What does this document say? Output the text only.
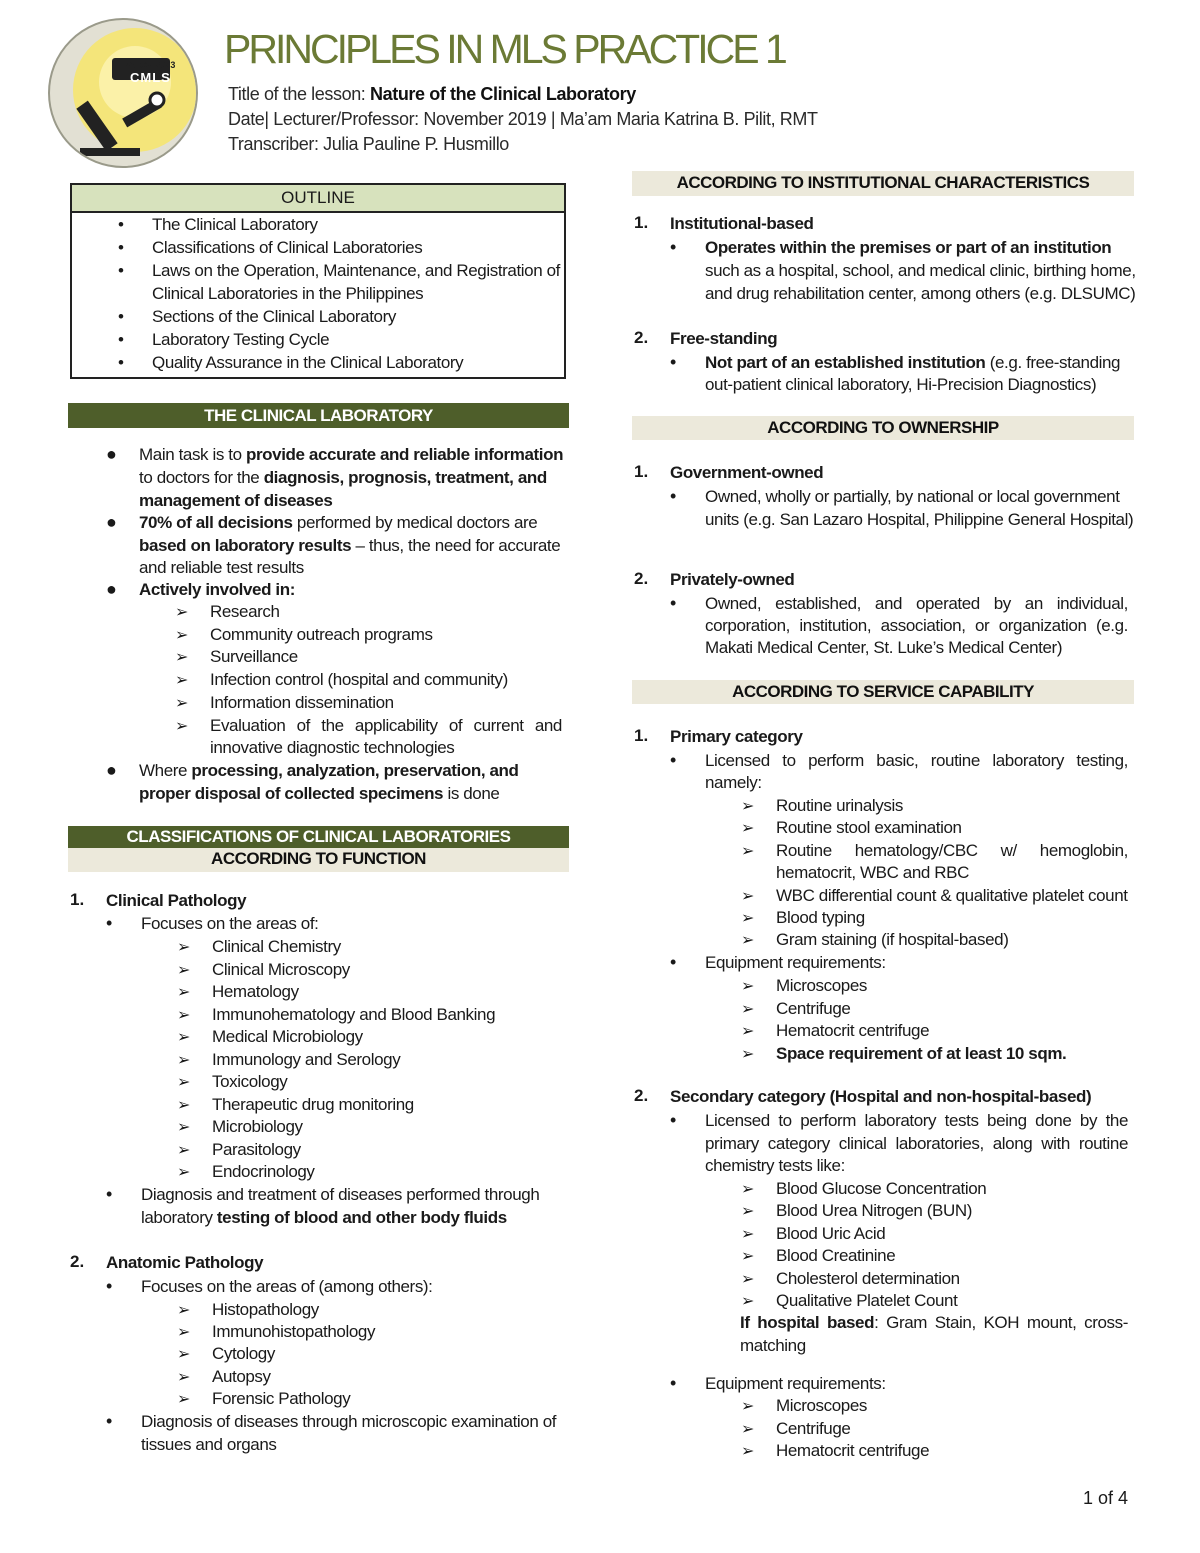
BATCH 2023
CMLS
PRINCIPLES IN MLS PRACTICE 1
Title of the lesson: Nature of the Clinical Laboratory
Date| Lecturer/Professor: November 2019 | Ma’am Maria Katrina B. Pilit, RMT
Transcriber: Julia Pauline P. Husmillo
OUTLINE
• The Clinical Laboratory
• Classifications of Clinical Laboratories
• Laws on the Operation, Maintenance, and Registration of
Clinical Laboratories in the Philippines
• Sections of the Clinical Laboratory
• Laboratory Testing Cycle
• Quality Assurance in the Clinical Laboratory
THE CLINICAL LABORATORY
● Main task is to provide accurate and reliable information
to doctors for the diagnosis, prognosis, treatment, and
management of diseases
● 70% of all decisions performed by medical doctors are
based on laboratory results – thus, the need for accurate
and reliable test results
● Actively involved in:
➢ Research
➢ Community outreach programs
➢ Surveillance
➢ Infection control (hospital and community)
➢ Information dissemination
➢ Evaluation of the applicability of current and
innovative diagnostic technologies
● Where processing, analyzation, preservation, and
proper disposal of collected specimens is done
CLASSIFICATIONS OF CLINICAL LABORATORIES
ACCORDING TO FUNCTION
1. Clinical Pathology
• Focuses on the areas of:
➢ Clinical Chemistry
➢ Clinical Microscopy
➢ Hematology
➢ Immunohematology and Blood Banking
➢ Medical Microbiology
➢ Immunology and Serology
➢ Toxicology
➢ Therapeutic drug monitoring
➢ Microbiology
➢ Parasitology
➢ Endocrinology
• Diagnosis and treatment of diseases performed through
laboratory testing of blood and other body fluids
2. Anatomic Pathology
• Focuses on the areas of (among others):
➢ Histopathology
➢ Immunohistopathology
➢ Cytology
➢ Autopsy
➢ Forensic Pathology
• Diagnosis of diseases through microscopic examination of
tissues and organs
ACCORDING TO INSTITUTIONAL CHARACTERISTICS
1. Institutional-based
• Operates within the premises or part of an institution
such as a hospital, school, and medical clinic, birthing home,
and drug rehabilitation center, among others (e.g. DLSUMC)
2. Free-standing
• Not part of an established institution (e.g. free-standing
out-patient clinical laboratory, Hi-Precision Diagnostics)
ACCORDING TO OWNERSHIP
1. Government-owned
• Owned, wholly or partially, by national or local government
units (e.g. San Lazaro Hospital, Philippine General Hospital)
2. Privately-owned
• Owned, established, and operated by an individual,
corporation, institution, association, or organization (e.g.
Makati Medical Center, St. Luke’s Medical Center)
ACCORDING TO SERVICE CAPABILITY
1. Primary category
• Licensed to perform basic, routine laboratory testing,
namely:
➢ Routine urinalysis
➢ Routine stool examination
➢ Routine hematology/CBC w/ hemoglobin,
hematocrit, WBC and RBC
➢ WBC differential count & qualitative platelet count
➢ Blood typing
➢ Gram staining (if hospital-based)
• Equipment requirements:
➢ Microscopes
➢ Centrifuge
➢ Hematocrit centrifuge
➢ Space requirement of at least 10 sqm.
2. Secondary category (Hospital and non-hospital-based)
• Licensed to perform laboratory tests being done by the
primary category clinical laboratories, along with routine
chemistry tests like:
➢ Blood Glucose Concentration
➢ Blood Urea Nitrogen (BUN)
➢ Blood Uric Acid
➢ Blood Creatinine
➢ Cholesterol determination
➢ Qualitative Platelet Count
If hospital based: Gram Stain, KOH mount, cross-
matching
• Equipment requirements:
➢ Microscopes
➢ Centrifuge
➢ Hematocrit centrifuge
1 of 4
